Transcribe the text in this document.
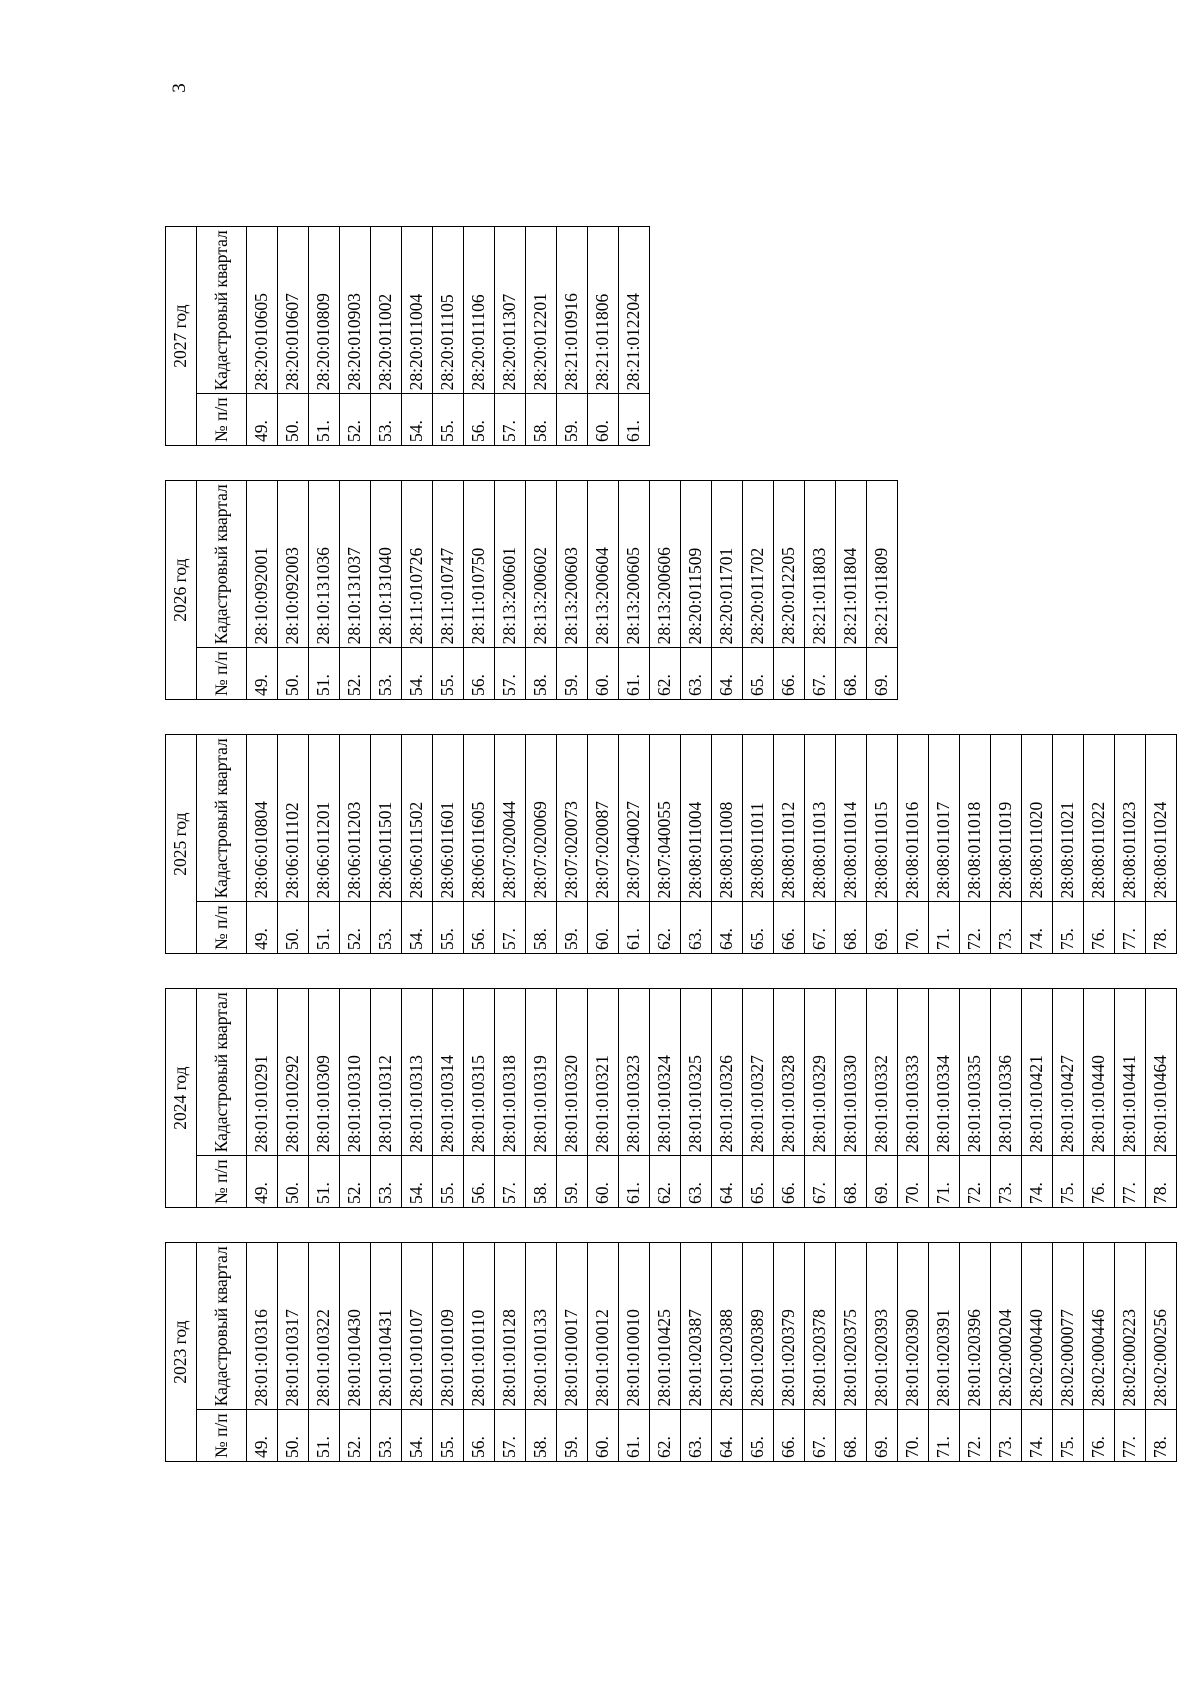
3
2023 год	
№ п/п	Кадастровый квартал
49.	28:01:010316
50.	28:01:010317
51.	28:01:010322
52.	28:01:010430
53.	28:01:010431
54.	28:01:010107
55.	28:01:010109
56.	28:01:010110
57.	28:01:010128
58.	28:01:010133
59.	28:01:010017
60.	28:01:010012
61.	28:01:010010
62.	28:01:010425
63.	28:01:020387
64.	28:01:020388
65.	28:01:020389
66.	28:01:020379
67.	28:01:020378
68.	28:01:020375
69.	28:01:020393
70.	28:01:020390
71.	28:01:020391
72.	28:01:020396
73.	28:02:000204
74.	28:02:000440
75.	28:02:000077
76.	28:02:000446
77.	28:02:000223
78.	28:02:000256
2024 год	
№ п/п	Кадастровый квартал
49.	28:01:010291
50.	28:01:010292
51.	28:01:010309
52.	28:01:010310
53.	28:01:010312
54.	28:01:010313
55.	28:01:010314
56.	28:01:010315
57.	28:01:010318
58.	28:01:010319
59.	28:01:010320
60.	28:01:010321
61.	28:01:010323
62.	28:01:010324
63.	28:01:010325
64.	28:01:010326
65.	28:01:010327
66.	28:01:010328
67.	28:01:010329
68.	28:01:010330
69.	28:01:010332
70.	28:01:010333
71.	28:01:010334
72.	28:01:010335
73.	28:01:010336
74.	28:01:010421
75.	28:01:010427
76.	28:01:010440
77.	28:01:010441
78.	28:01:010464
2025 год	
№ п/п	Кадастровый квартал
49.	28:06:010804
50.	28:06:011102
51.	28:06:011201
52.	28:06:011203
53.	28:06:011501
54.	28:06:011502
55.	28:06:011601
56.	28:06:011605
57.	28:07:020044
58.	28:07:020069
59.	28:07:020073
60.	28:07:020087
61.	28:07:040027
62.	28:07:040055
63.	28:08:011004
64.	28:08:011008
65.	28:08:011011
66.	28:08:011012
67.	28:08:011013
68.	28:08:011014
69.	28:08:011015
70.	28:08:011016
71.	28:08:011017
72.	28:08:011018
73.	28:08:011019
74.	28:08:011020
75.	28:08:011021
76.	28:08:011022
77.	28:08:011023
78.	28:08:011024
2026 год	
№ п/п	Кадастровый квартал
49.	28:10:092001
50.	28:10:092003
51.	28:10:131036
52.	28:10:131037
53.	28:10:131040
54.	28:11:010726
55.	28:11:010747
56.	28:11:010750
57.	28:13:200601
58.	28:13:200602
59.	28:13:200603
60.	28:13:200604
61.	28:13:200605
62.	28:13:200606
63.	28:20:011509
64.	28:20:011701
65.	28:20:011702
66.	28:20:012205
67.	28:21:011803
68.	28:21:011804
69.	28:21:011809
2027 год	
№ п/п	Кадастровый квартал
49.	28:20:010605
50.	28:20:010607
51.	28:20:010809
52.	28:20:010903
53.	28:20:011002
54.	28:20:011004
55.	28:20:011105
56.	28:20:011106
57.	28:20:011307
58.	28:20:012201
59.	28:21:010916
60.	28:21:011806
61.	28:21:012204
